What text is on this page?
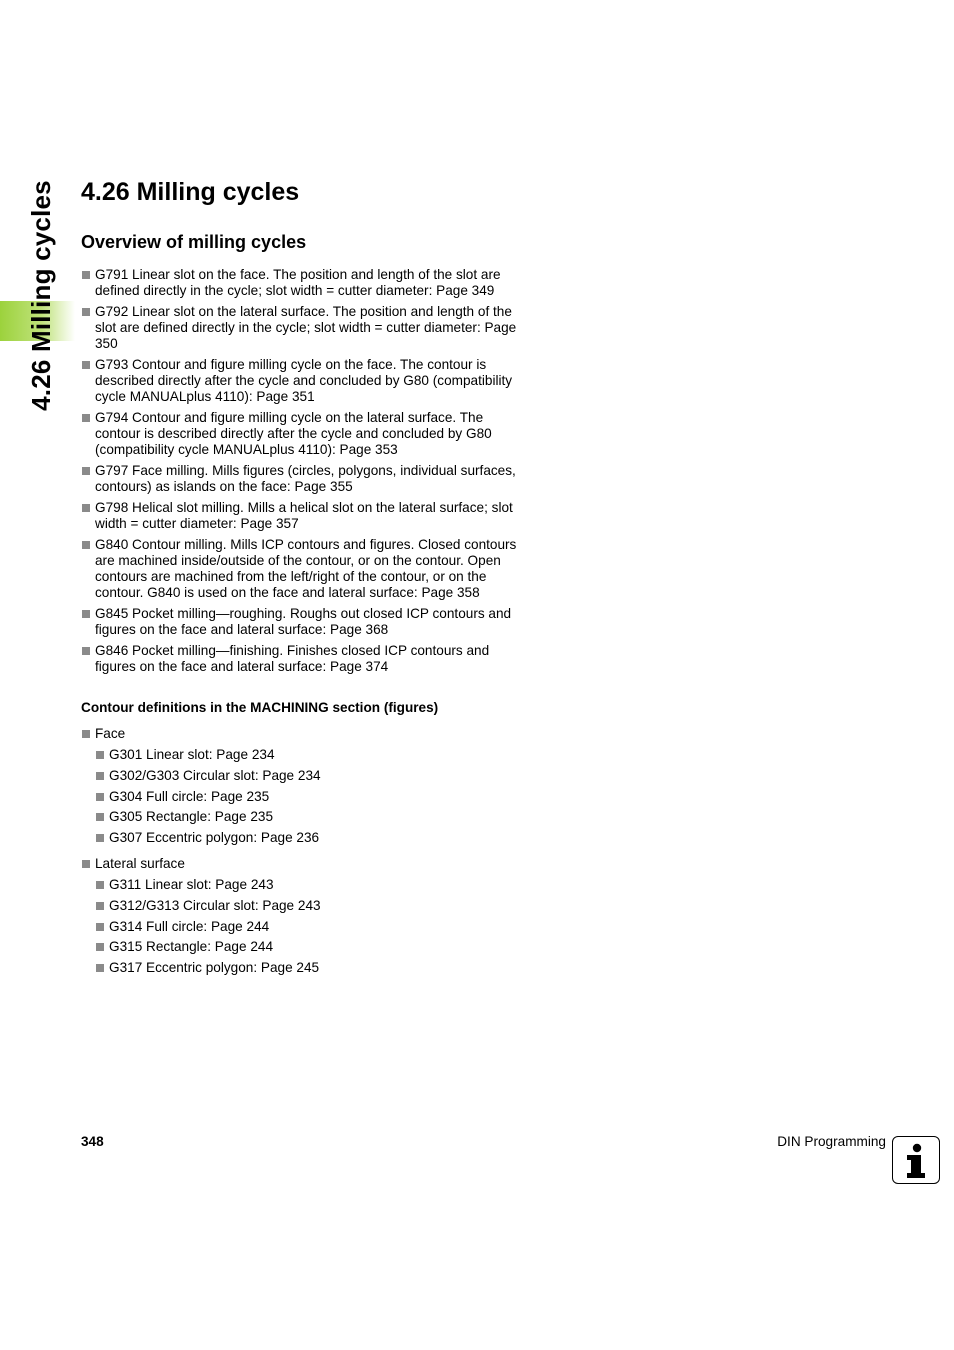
4.26 Milling cycles 4.26 Milling cycles
Overview of milling cycles
G791 Linear slot on the face. The position and length of the slot are defined directly in the cycle; slot width = cutter diameter: Page 349
G792 Linear slot on the lateral surface. The position and length of the slot are defined directly in the cycle; slot width = cutter diameter: Page 350
G793 Contour and figure milling cycle on the face. The contour is described directly after the cycle and concluded by G80 (compatibility cycle MANUALplus 4110): Page 351
G794 Contour and figure milling cycle on the lateral surface. The contour is described directly after the cycle and concluded by G80 (compatibility cycle MANUALplus 4110): Page 353
G797 Face milling. Mills figures (circles, polygons, individual surfaces, contours) as islands on the face: Page 355
G798 Helical slot milling. Mills a helical slot on the lateral surface; slot width = cutter diameter: Page 357
G840 Contour milling. Mills ICP contours and figures. Closed contours are machined inside/outside of the contour, or on the contour. Open contours are machined from the left/right of the contour, or on the contour. G840 is used on the face and lateral surface: Page 358
G845 Pocket milling—roughing. Roughs out closed ICP contours and figures on the face and lateral surface: Page 368
G846 Pocket milling—finishing. Finishes closed ICP contours and figures on the face and lateral surface: Page 374
Contour definitions in the MACHINING section (figures)
Face
G301 Linear slot: Page 234
G302/G303 Circular slot: Page 234
G304 Full circle: Page 235
G305 Rectangle: Page 235
G307 Eccentric polygon: Page 236
Lateral surface
G311 Linear slot: Page 243
G312/G313 Circular slot: Page 243
G314 Full circle: Page 244
G315 Rectangle: Page 244
G317 Eccentric polygon: Page 245
348	DIN Programming
